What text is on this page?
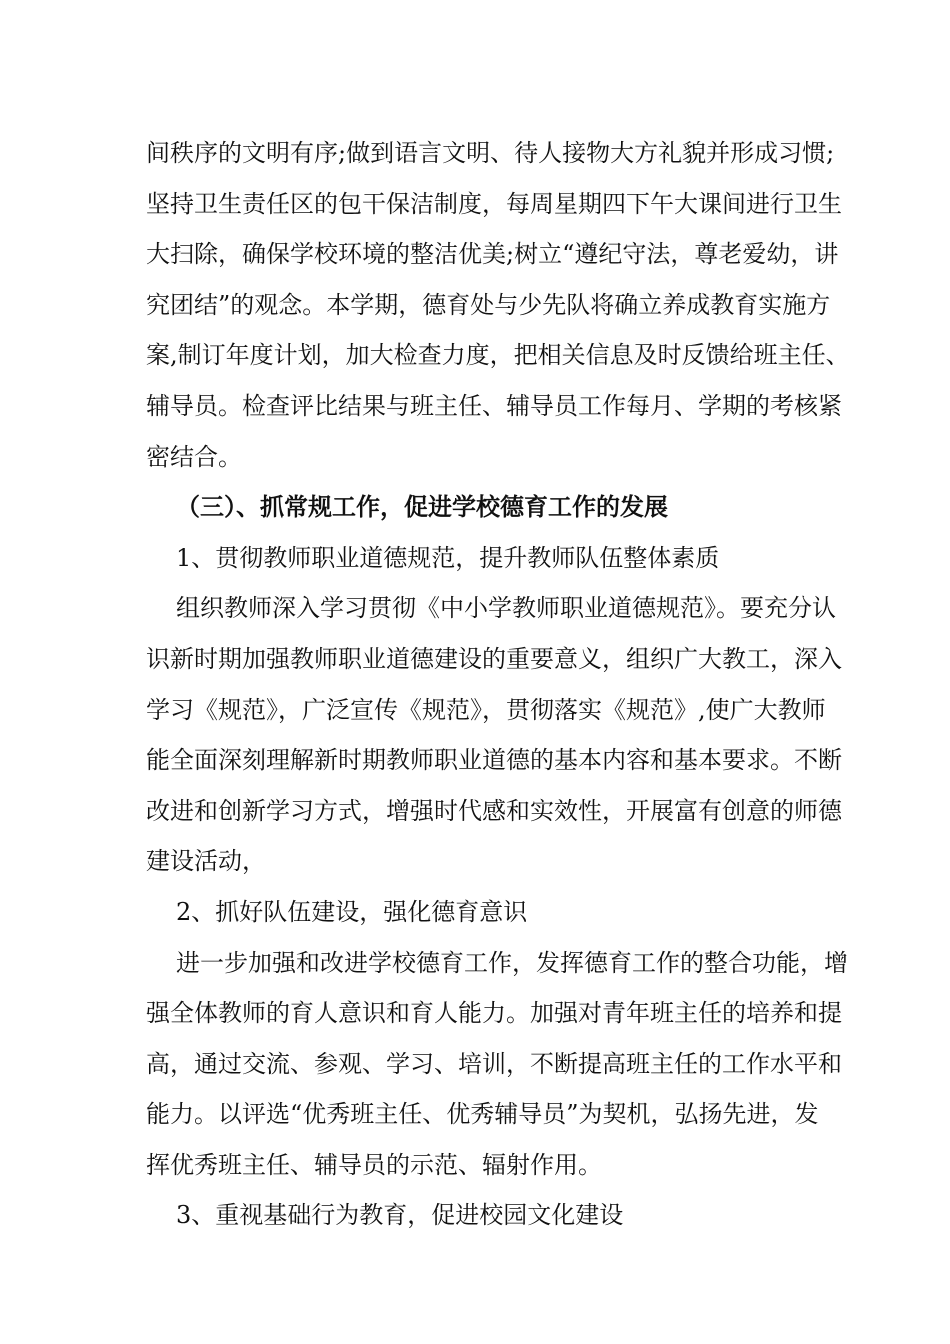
间秩序的文明有序;做到语言文明、待人接物大方礼貌并形成习惯;
坚持卫生责任区的包干保洁制度，每周星期四下午大课间进行卫生
大扫除，确保学校环境的整洁优美;树立“遵纪守法，尊老爱幼，讲
究团结”的观念。本学期，德育处与少先队将确立养成教育实施方
案,制订年度计划，加大检查力度，把相关信息及时反馈给班主任、
辅导员。检查评比结果与班主任、辅导员工作每月、学期的考核紧
密结合。
（三）、抓常规工作，促进学校德育工作的发展
1、贯彻教师职业道德规范，提升教师队伍整体素质
组织教师深入学习贯彻《中小学教师职业道德规范》。要充分认
识新时期加强教师职业道德建设的重要意义，组织广大教工，深入
学习《规范》，广泛宣传《规范》，贯彻落实《规范》,使广大教师
能全面深刻理解新时期教师职业道德的基本内容和基本要求。不断
改进和创新学习方式，增强时代感和实效性，开展富有创意的师德
建设活动，
2、抓好队伍建设，强化德育意识
进一步加强和改进学校德育工作，发挥德育工作的整合功能，增
强全体教师的育人意识和育人能力。加强对青年班主任的培养和提
高，通过交流、参观、学习、培训，不断提高班主任的工作水平和
能力。以评选“优秀班主任、优秀辅导员”为契机，弘扬先进，发
挥优秀班主任、辅导员的示范、辐射作用。
3、重视基础行为教育，促进校园文化建设
